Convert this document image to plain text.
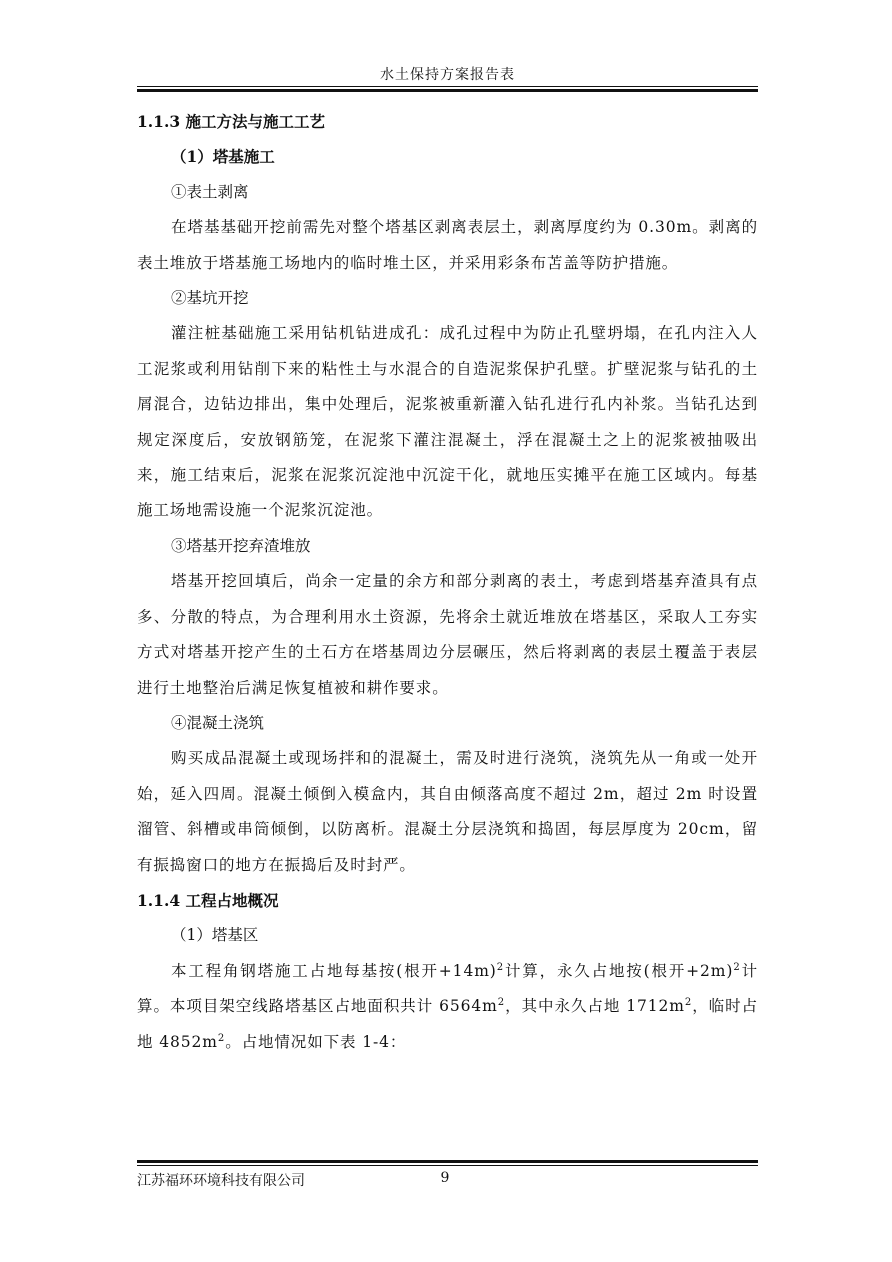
水土保持方案报告表

1.1.3 施工方法与施工工艺

（1）塔基施工

①表土剥离

在塔基基础开挖前需先对整个塔基区剥离表层土，剥离厚度约为 0.30m。剥离的表土堆放于塔基施工场地内的临时堆土区，并采用彩条布苫盖等防护措施。

②基坑开挖

灌注桩基础施工采用钻机钻进成孔：成孔过程中为防止孔壁坍塌，在孔内注入人工泥浆或利用钻削下来的粘性土与水混合的自造泥浆保护孔壁。扩壁泥浆与钻孔的土屑混合，边钻边排出，集中处理后，泥浆被重新灌入钻孔进行孔内补浆。当钻孔达到规定深度后，安放钢筋笼，在泥浆下灌注混凝土，浮在混凝土之上的泥浆被抽吸出来，施工结束后，泥浆在泥浆沉淀池中沉淀干化，就地压实摊平在施工区域内。每基施工场地需设施一个泥浆沉淀池。

③塔基开挖弃渣堆放

塔基开挖回填后，尚余一定量的余方和部分剥离的表土，考虑到塔基弃渣具有点多、分散的特点，为合理利用水土资源，先将余土就近堆放在塔基区，采取人工夯实方式对塔基开挖产生的土石方在塔基周边分层碾压，然后将剥离的表层土覆盖于表层进行土地整治后满足恢复植被和耕作要求。

④混凝土浇筑

购买成品混凝土或现场拌和的混凝土，需及时进行浇筑，浇筑先从一角或一处开始，延入四周。混凝土倾倒入模盒内，其自由倾落高度不超过 2m，超过 2m 时设置溜管、斜槽或串筒倾倒，以防离析。混凝土分层浇筑和捣固，每层厚度为 20cm，留有振捣窗口的地方在振捣后及时封严。

1.1.4 工程占地概况

（1）塔基区

本工程角钢塔施工占地每基按(根开+14m)$^2$计算，永久占地按(根开+2m)$^2$计算。本项目架空线路塔基区占地面积共计 $6564m^2$，其中永久占地 $1712m^2$，临时占地 $4852m^2$。占地情况如下表 1-4：

江苏福环环境科技有限公司	9
